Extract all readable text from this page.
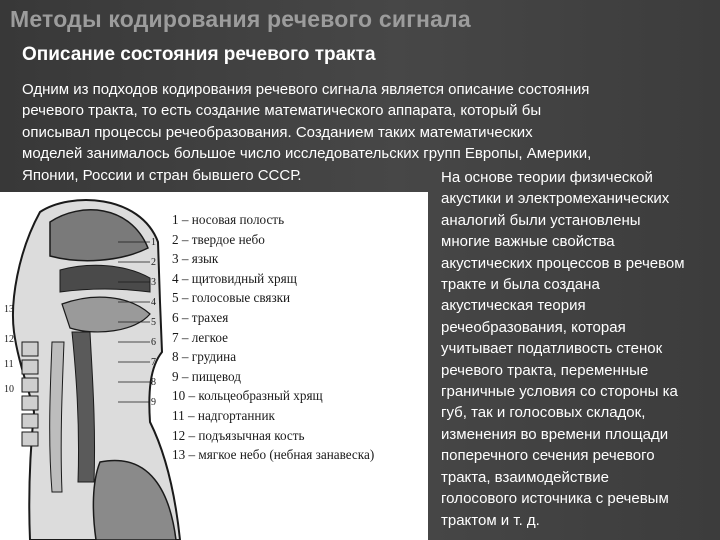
Методы кодирования речевого сигнала
Описание состояния речевого тракта
Одним из подходов кодирования речевого сигнала является описание состояния
речевого тракта, то есть создание математического аппарата, который бы
описывал процессы речеобразования. Созданием таких математических
моделей занималось большое число исследовательских групп Европы, Америки,
Японии, России и стран бывшего СССР.
1
2
3
4
5
6
7
8
9
13
12
11
10
1 – носовая полость
2 – твердое небо
3 – язык
4 – щитовидный хрящ
5 – голосовые связки
6 – трахея
7 – легкое
8 – грудина
9 – пищевод
10 – кольцеобразный хрящ
11 – надгортанник
12 – подъязычная кость
13 – мягкое небо (небная занавеска)
На основе теории физической
акустики и электромеханических
аналогий были установлены
многие важные свойства
акустических процессов в речевом
тракте и была создана
акустическая теория
речеобразования, которая
учитывает податливость стенок
речевого тракта, переменные
граничные условия со стороны ка
губ, так и голосовых складок,
изменения во времени площади
поперечного сечения речевого
тракта, взаимодействие
голосового источника с речевым
трактом и т. д.
